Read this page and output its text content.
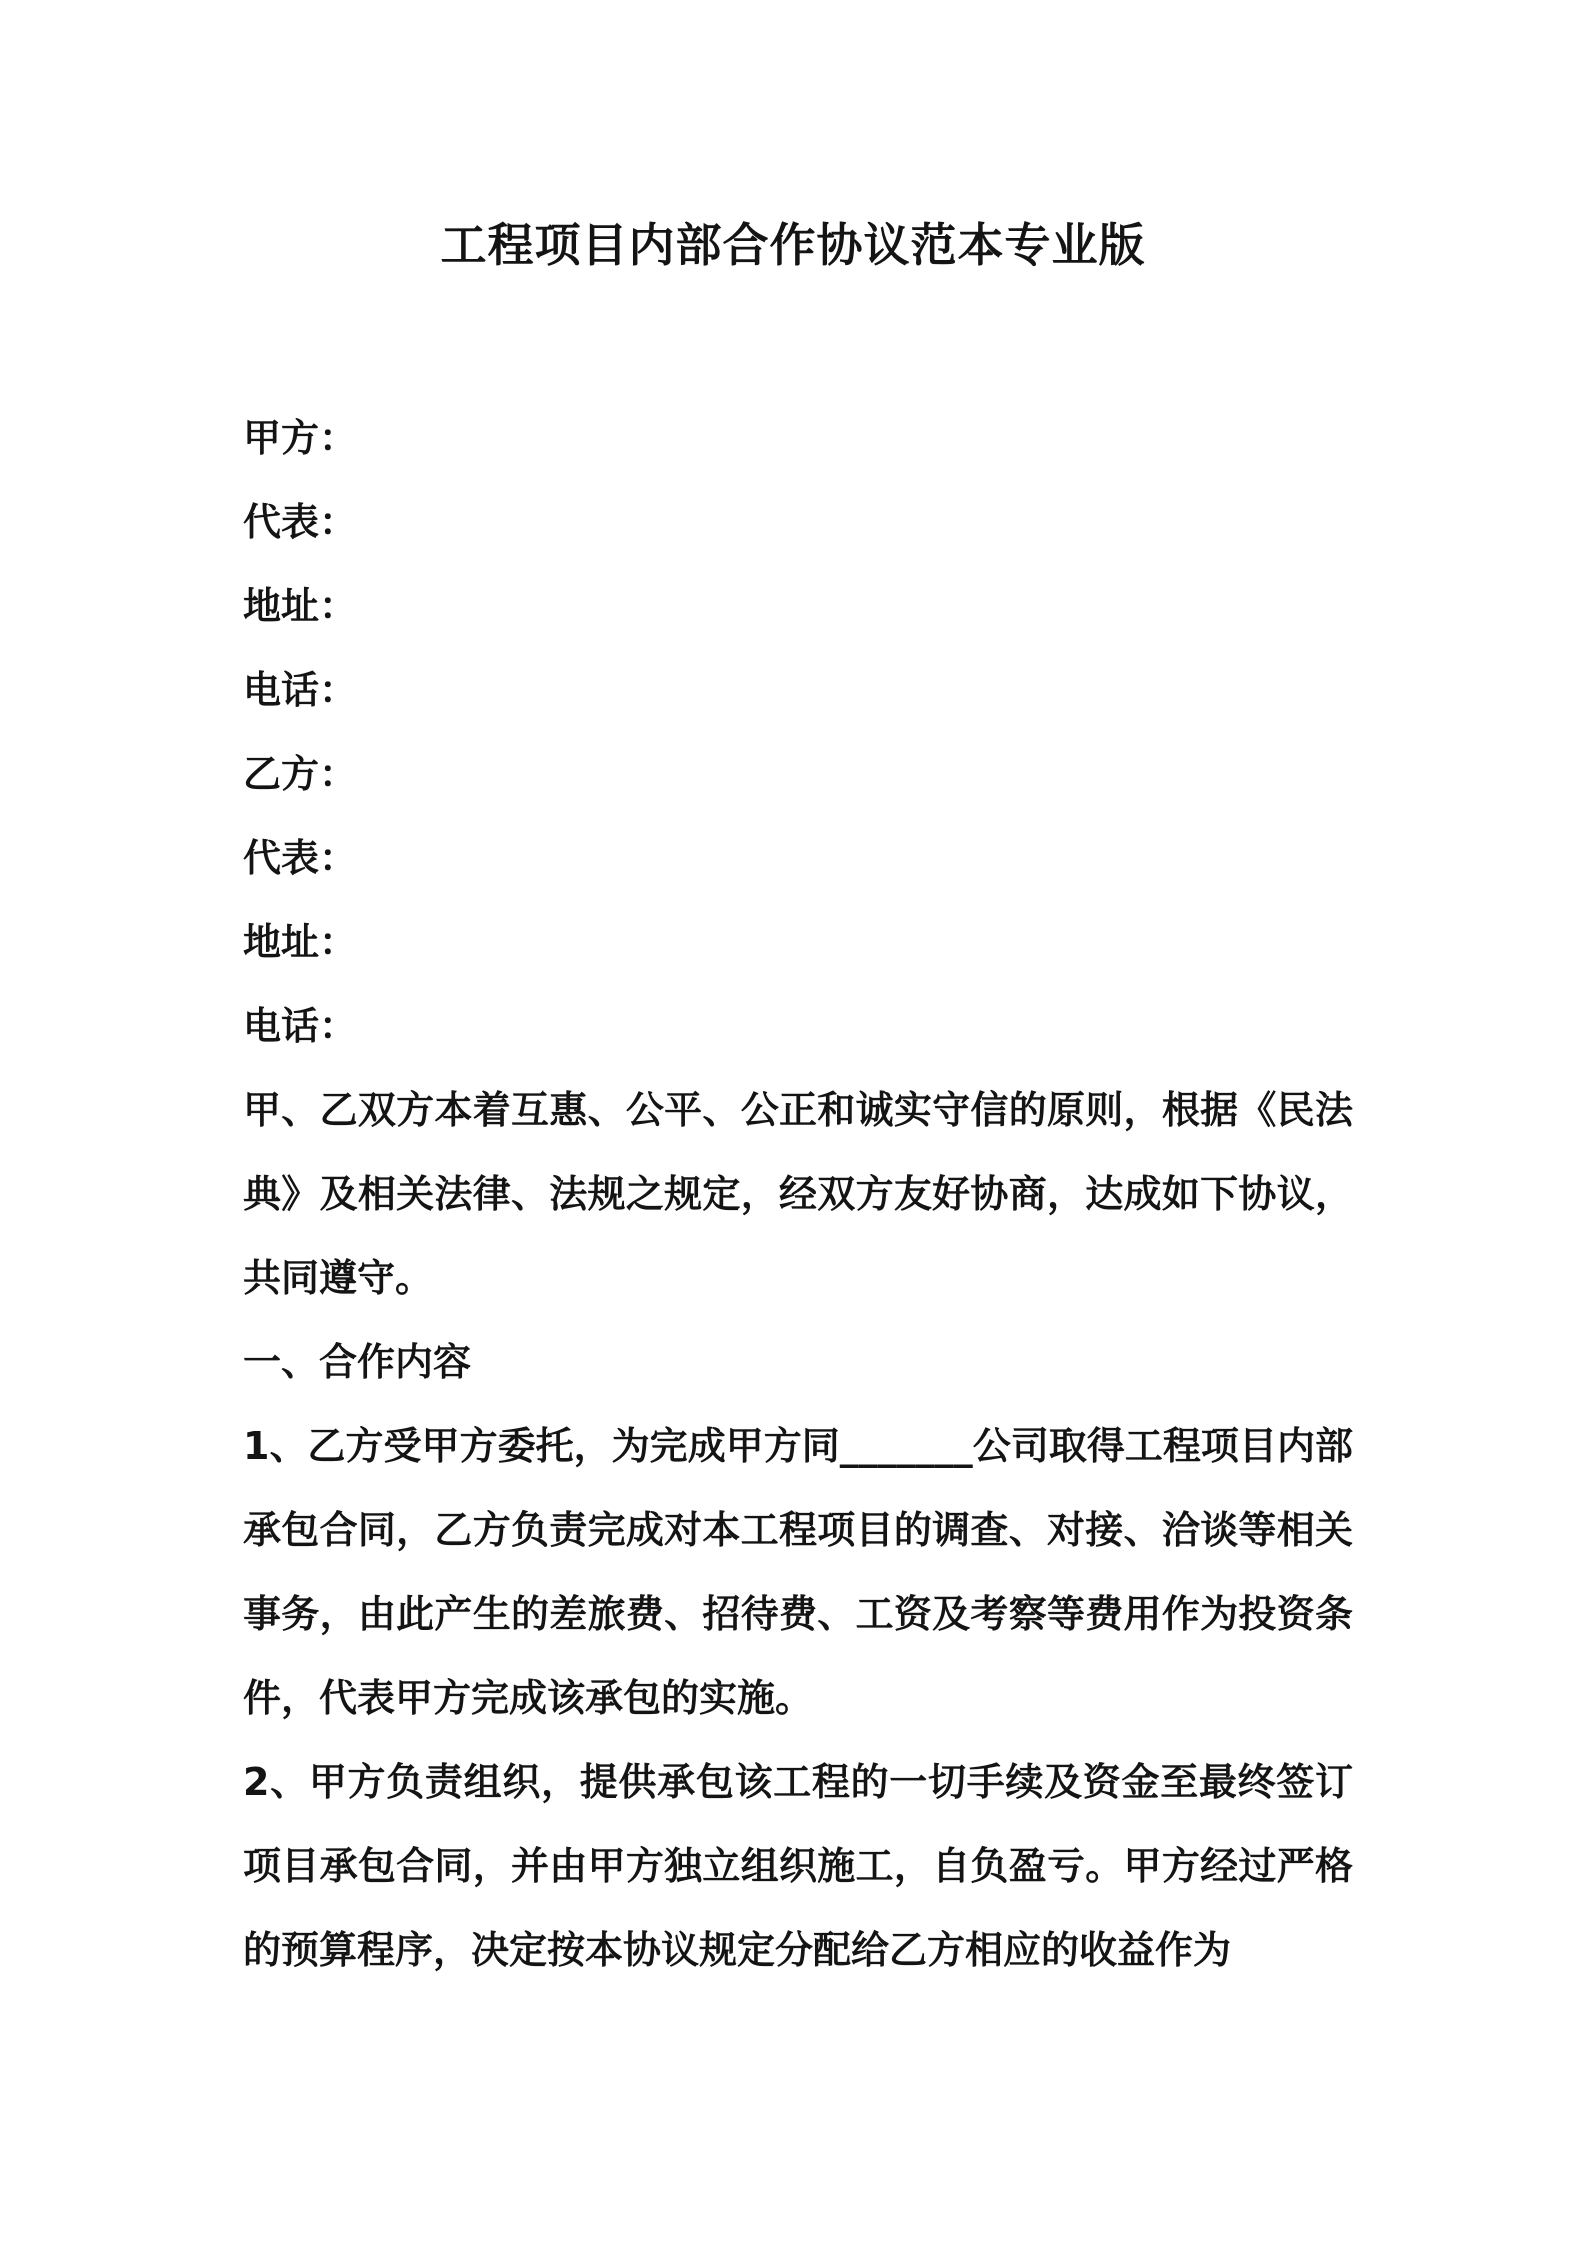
工程项目内部合作协议范本专业版
甲方：
代表：
地址：
电话：
乙方：
代表：
地址：
电话：

甲、乙双方本着互惠、公平、公正和诚实守信的原则，根据《民法典》及相关法律、法规之规定，经双方友好协商，达成如下协议，共同遵守。

一、合作内容

1、乙方受甲方委托，为完成甲方同_______公司取得工程项目内部承包合同，乙方负责完成对本工程项目的调查、对接、洽谈等相关事务，由此产生的差旅费、招待费、工资及考察等费用作为投资条件，代表甲方完成该承包的实施。

2、甲方负责组织，提供承包该工程的一切手续及资金至最终签订项目承包合同，并由甲方独立组织施工，自负盈亏。甲方经过严格的预算程序，决定按本协议规定分配给乙方相应的收益作为
